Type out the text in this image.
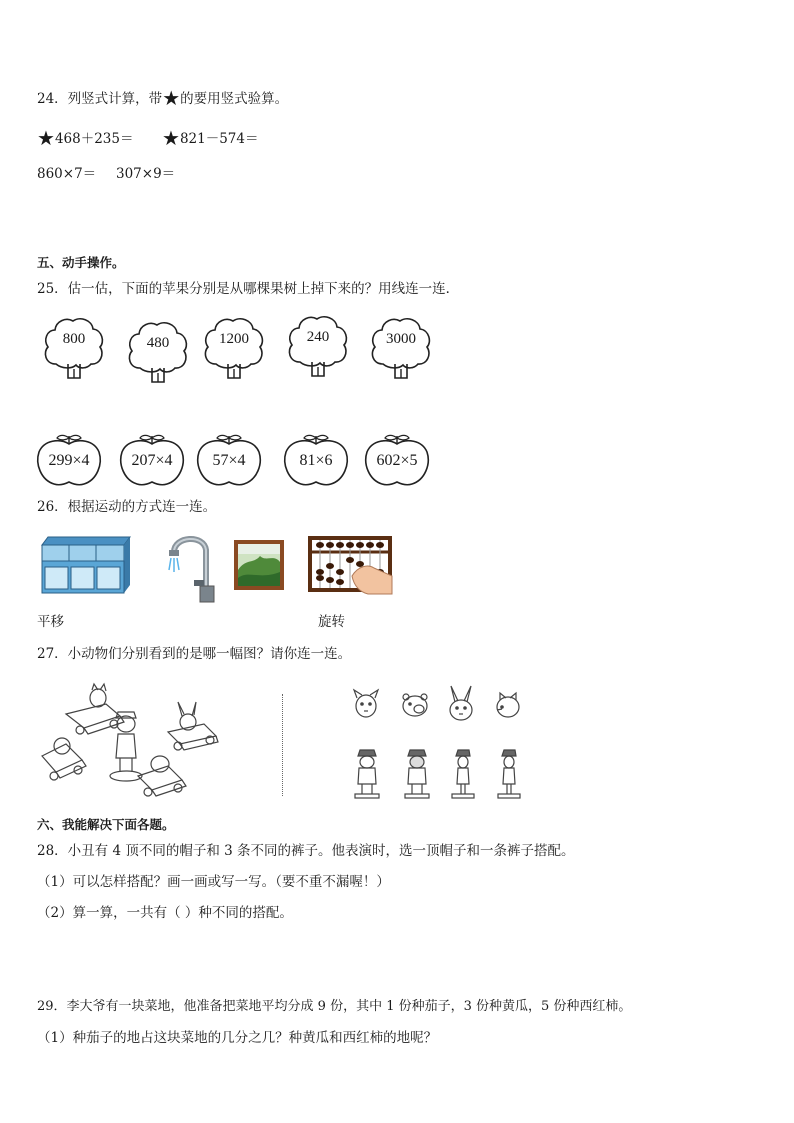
24．列竖式计算，带★的要用竖式验算。
★468＋235＝ ★821－574＝
860×7＝ 307×9＝
五、动手操作。
25．估一估，下面的苹果分别是从哪棵果树上掉下来的？用线连一连．
800	480	1200	240	3000
299×4	207×4	57×4	81×6	602×5
26．根据运动的方式连一连。
平移	旋转
27．小动物们分别看到的是哪一幅图？请你连一连。
六、我能解决下面各题。
28．小丑有 4 顶不同的帽子和 3 条不同的裤子。他表演时，选一顶帽子和一条裤子搭配。
（1）可以怎样搭配？画一画或写一写。（要不重不漏喔！）
（2）算一算，一共有（ ）种不同的搭配。
29．李大爷有一块菜地，他准备把菜地平均分成 9 份，其中 1 份种茄子，3 份种黄瓜，5 份种西红柿。
（1）种茄子的地占这块菜地的几分之几？种黄瓜和西红柿的地呢？
